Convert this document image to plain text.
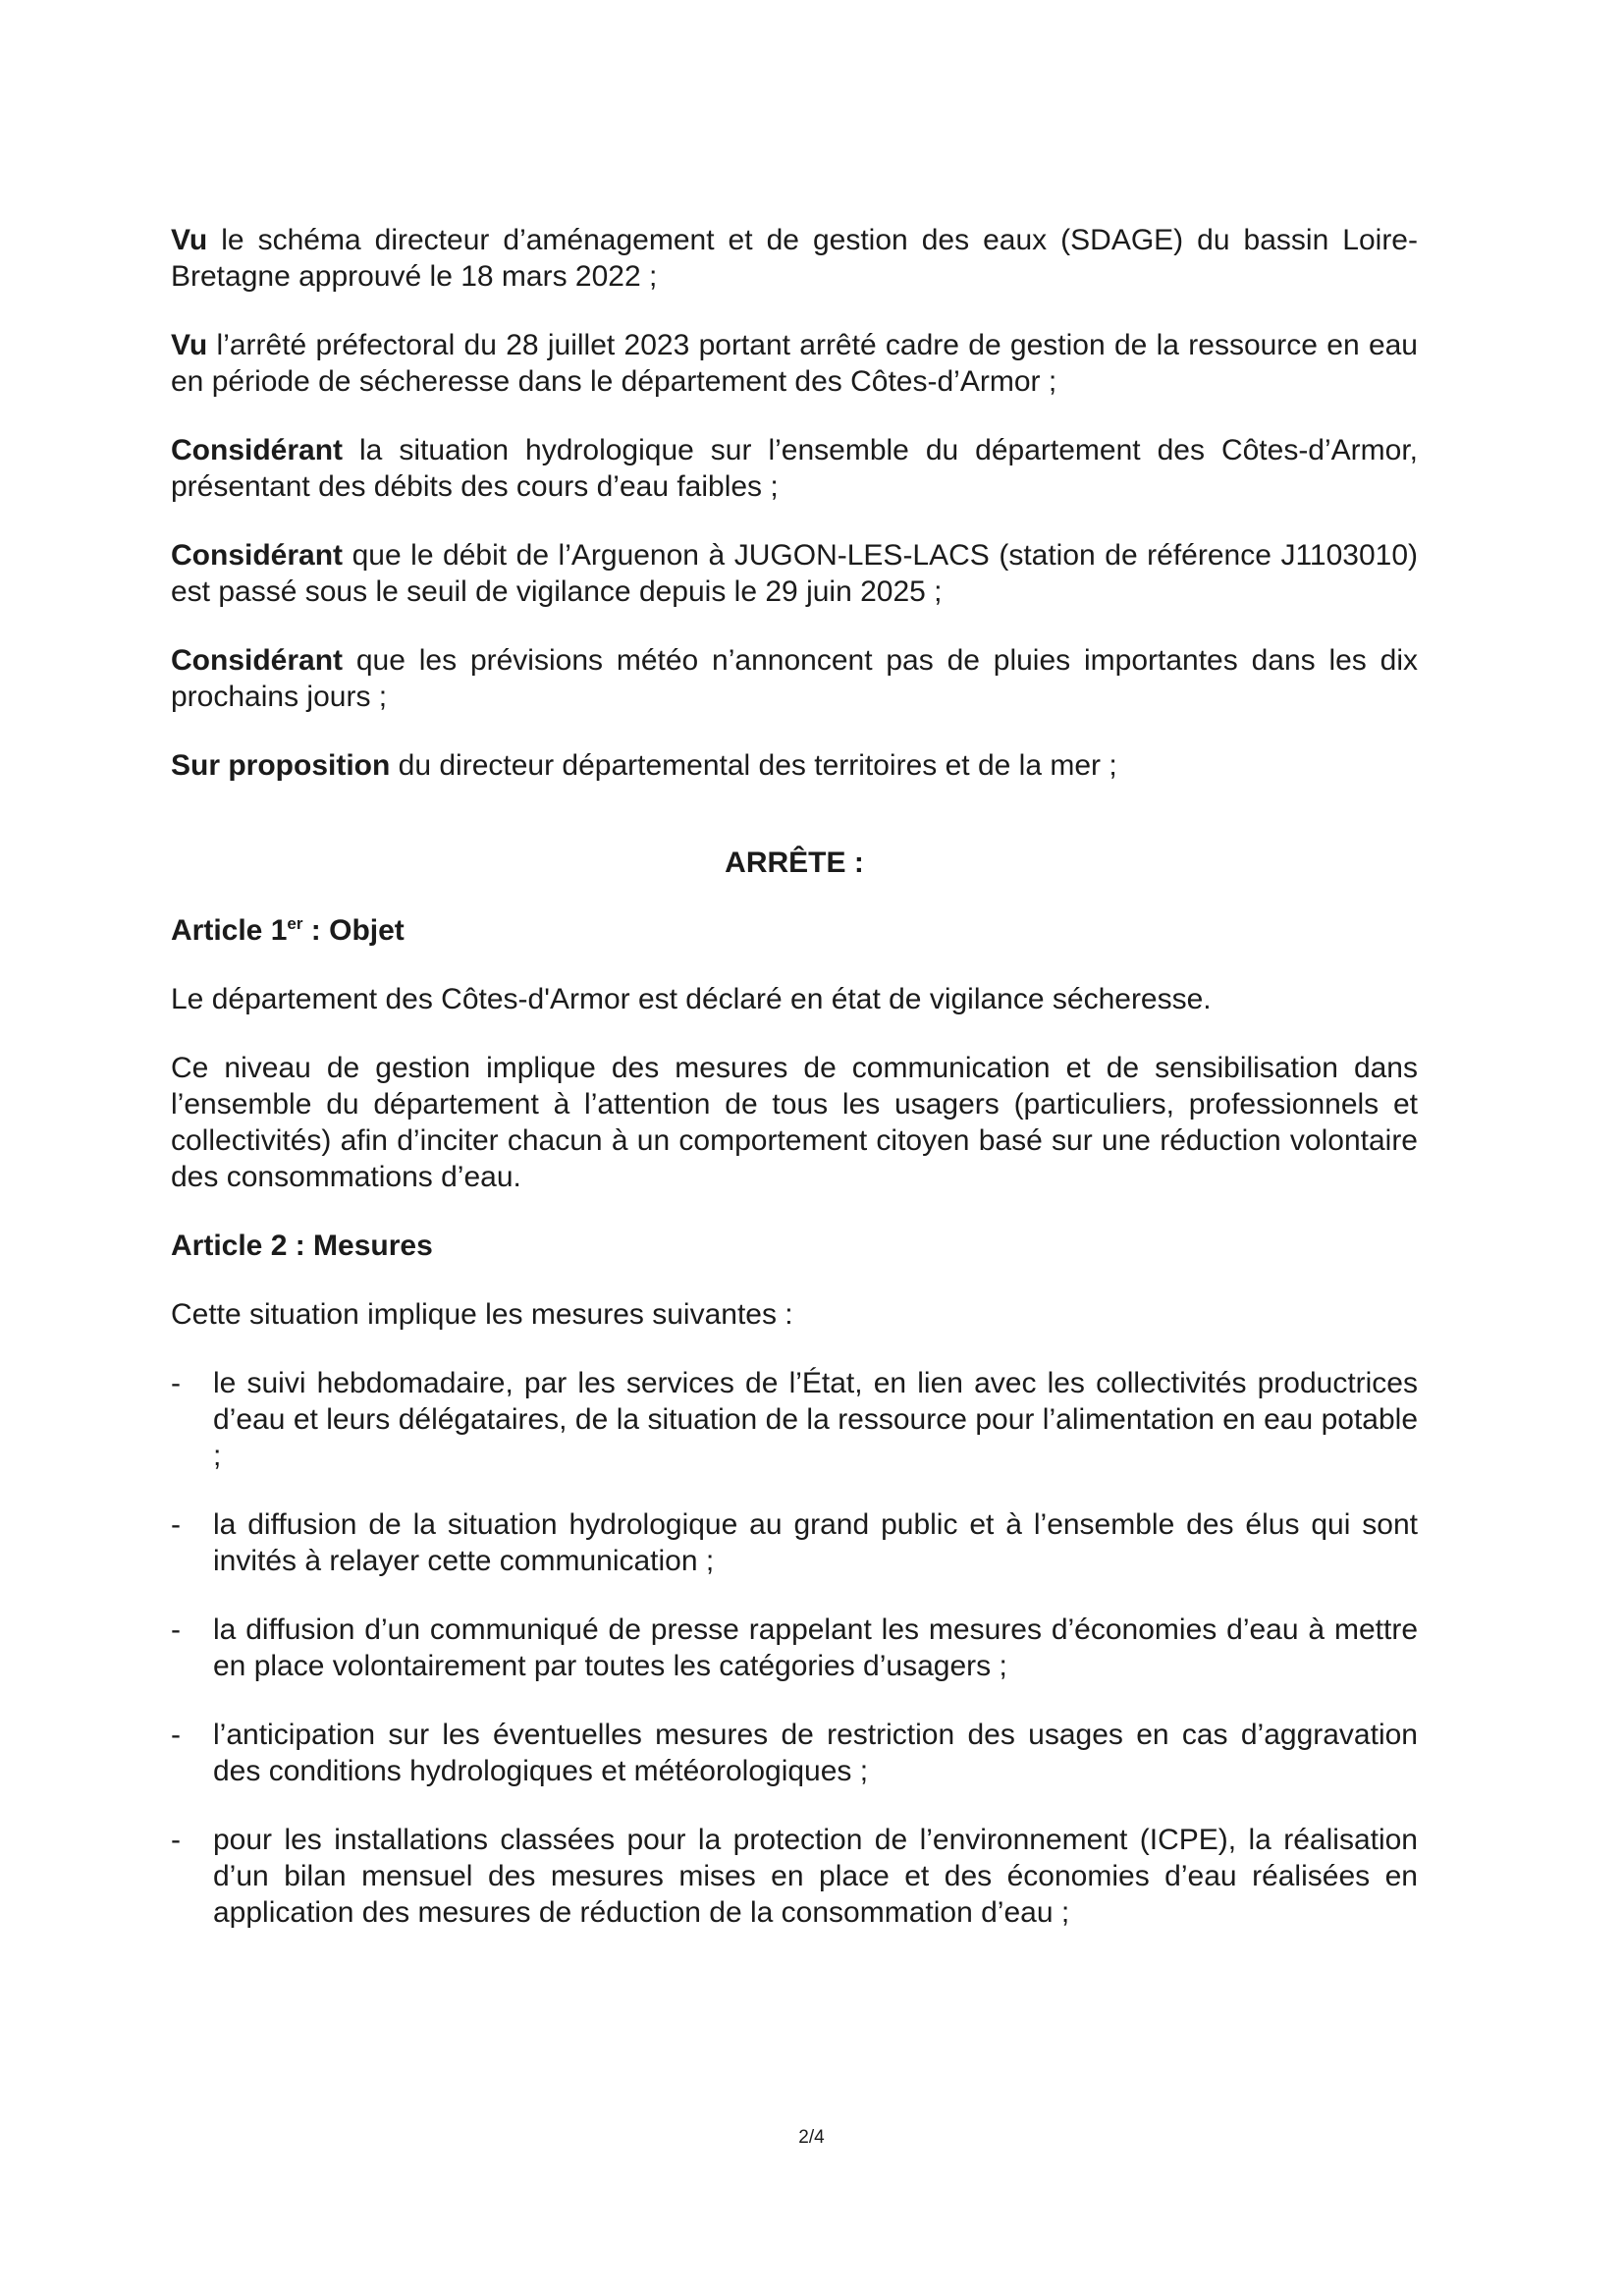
Vu le schéma directeur d’aménagement et de gestion des eaux (SDAGE) du bassin Loire-Bretagne approuvé le 18 mars 2022 ;

Vu l’arrêté préfectoral du 28 juillet 2023 portant arrêté cadre de gestion de la ressource en eau en période de sécheresse dans le département des Côtes-d’Armor ;

Considérant la situation hydrologique sur l’ensemble du département des Côtes-d’Armor, présentant des débits des cours d’eau faibles ;

Considérant que le débit de l’Arguenon à JUGON-LES-LACS (station de référence J1103010) est passé sous le seuil de vigilance depuis le 29 juin 2025 ;

Considérant que les prévisions météo n’annoncent pas de pluies importantes dans les dix prochains jours ;

Sur proposition du directeur départemental des territoires et de la mer ;

ARRÊTE :
Article 1er : Objet

Le département des Côtes-d'Armor est déclaré en état de vigilance sécheresse.

Ce niveau de gestion implique des mesures de communication et de sensibilisation dans l’ensemble du département à l’attention de tous les usagers (particuliers, professionnels et collectivités) afin d’inciter chacun à un comportement citoyen basé sur une réduction volontaire des consommations d’eau.

Article 2 : Mesures

Cette situation implique les mesures suivantes :

- le suivi hebdomadaire, par les services de l’État, en lien avec les collectivités productrices d’eau et leurs délégataires, de la situation de la ressource pour l’alimentation en eau potable ;
- la diffusion de la situation hydrologique au grand public et à l’ensemble des élus qui sont invités à relayer cette communication ;
- la diffusion d’un communiqué de presse rappelant les mesures d’économies d’eau à mettre en place volontairement par toutes les catégories d’usagers ;
- l’anticipation sur les éventuelles mesures de restriction des usages en cas d’aggravation des conditions hydrologiques et météorologiques ;
- pour les installations classées pour la protection de l’environnement (ICPE), la réalisation d’un bilan mensuel des mesures mises en place et des économies d’eau réalisées en application des mesures de réduction de la consommation d’eau ;
2/4
